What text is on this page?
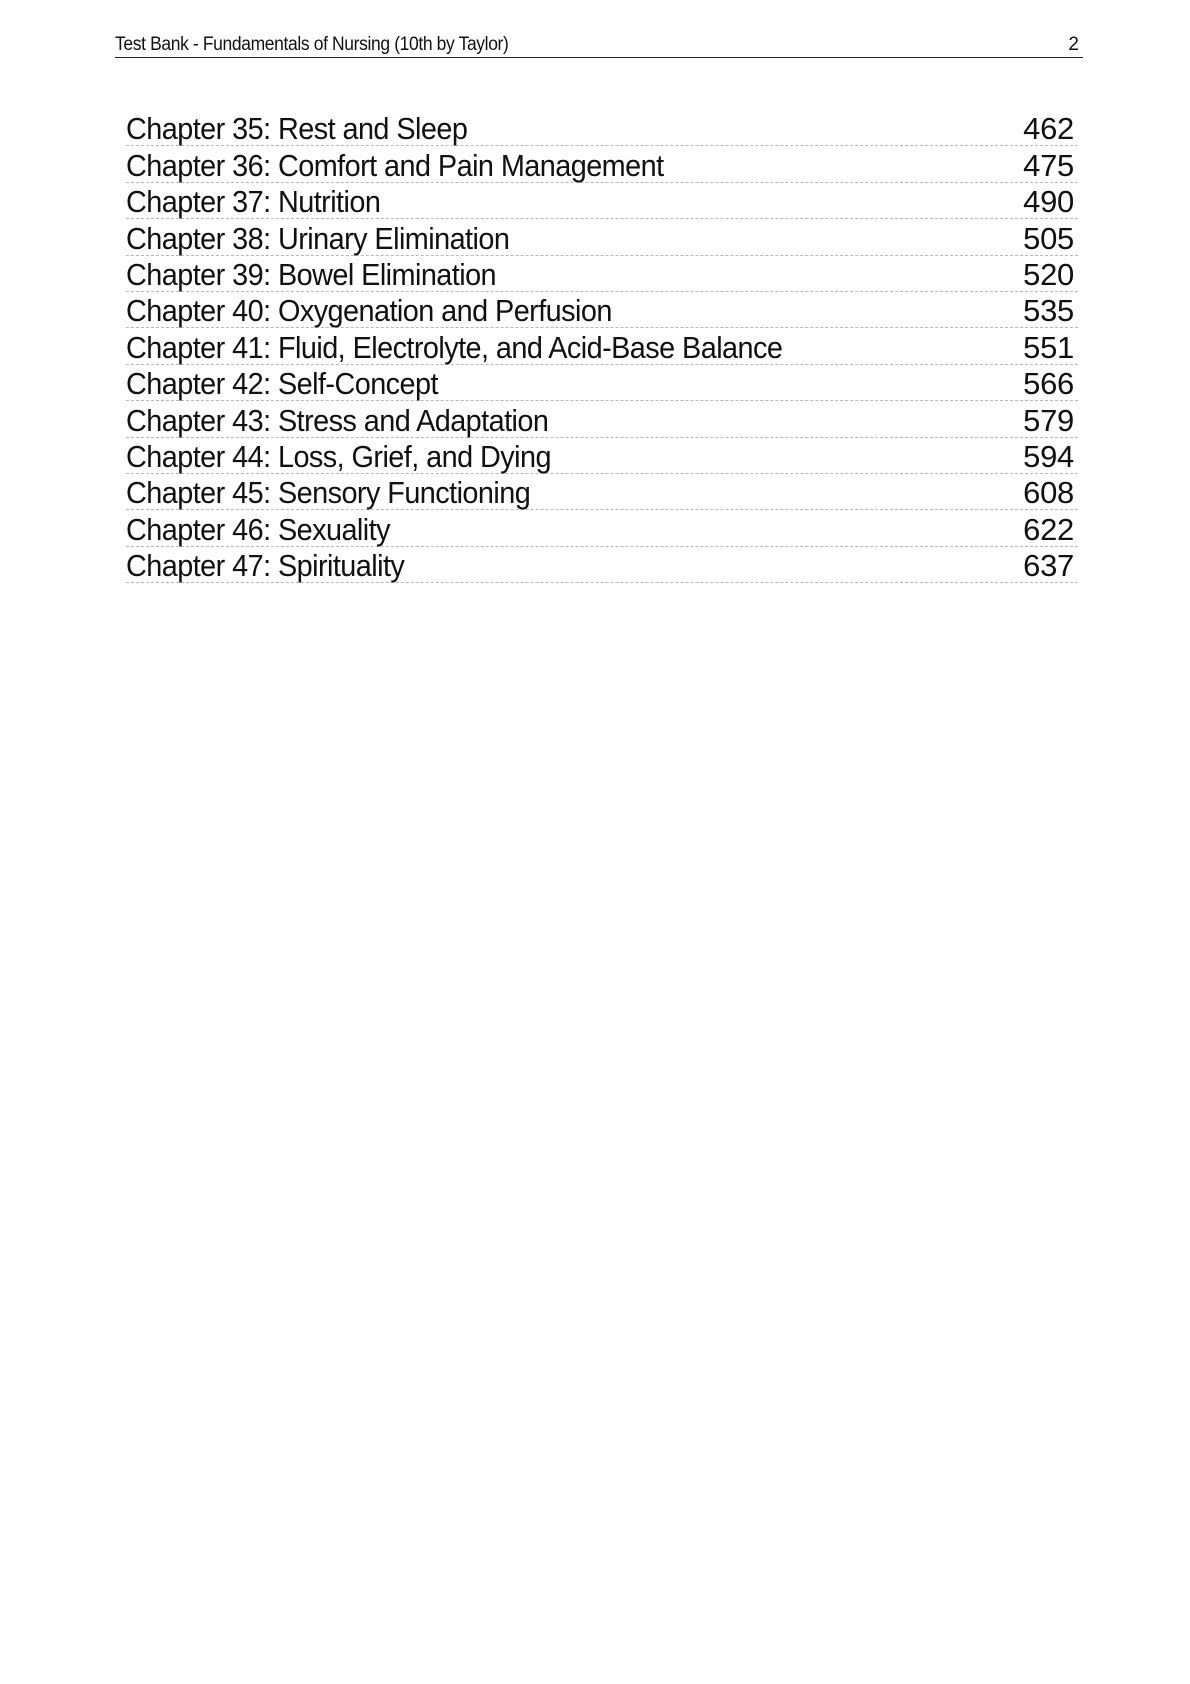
Test Bank - Fundamentals of Nursing (10th by Taylor)	2
Chapter 35: Rest and Sleep	462
Chapter 36: Comfort and Pain Management	475
Chapter 37: Nutrition	490
Chapter 38: Urinary Elimination	505
Chapter 39: Bowel Elimination	520
Chapter 40: Oxygenation and Perfusion	535
Chapter 41: Fluid, Electrolyte, and Acid-Base Balance	551
Chapter 42: Self-Concept	566
Chapter 43: Stress and Adaptation	579
Chapter 44: Loss, Grief, and Dying	594
Chapter 45: Sensory Functioning	608
Chapter 46: Sexuality	622
Chapter 47: Spirituality	637
